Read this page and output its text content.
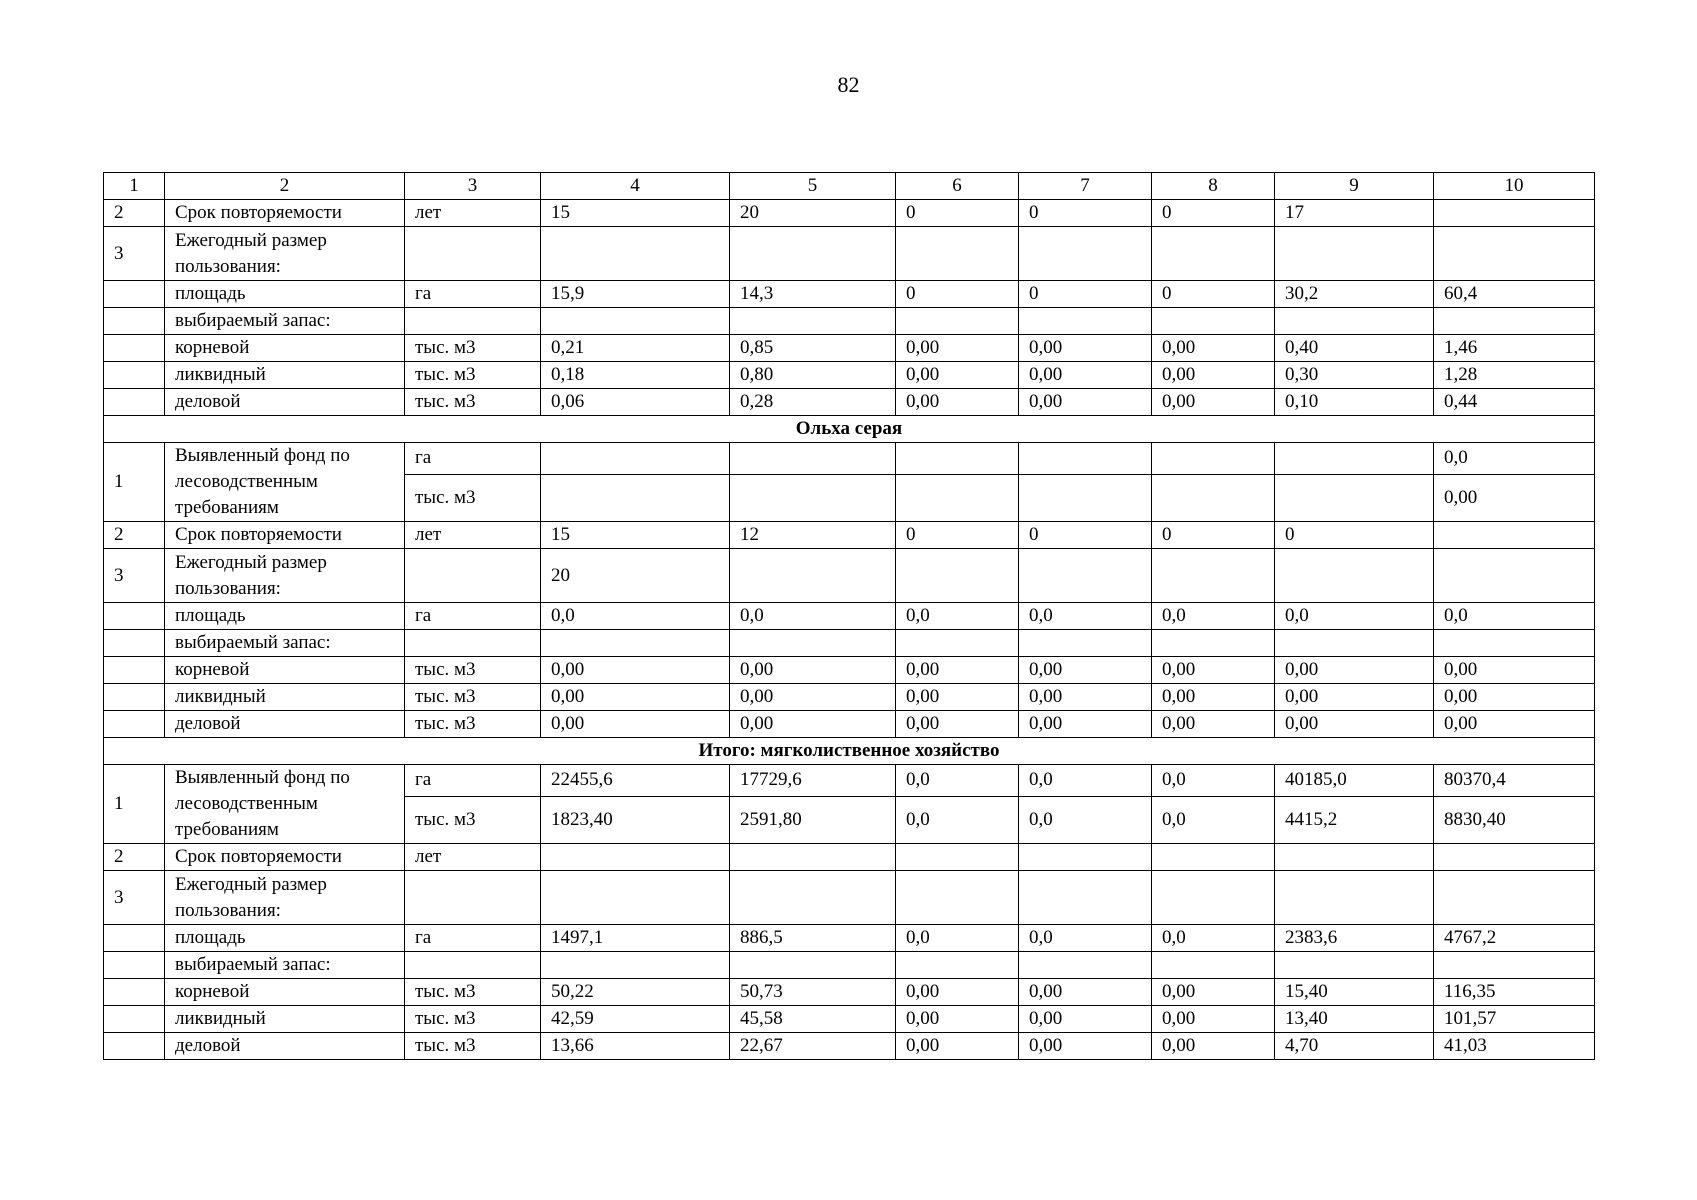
82
1	2	3	4	5	6	7	8	9	10
2	Срок повторяемости	лет	15	20	0	0	0	17	
3	Ежегодный размер пользования:								
	площадь	га	15,9	14,3	0	0	0	30,2	60,4
	выбираемый запас:								
	корневой	тыс. м3	0,21	0,85	0,00	0,00	0,00	0,40	1,46
	ликвидный	тыс. м3	0,18	0,80	0,00	0,00	0,00	0,30	1,28
	деловой	тыс. м3	0,06	0,28	0,00	0,00	0,00	0,10	0,44
Ольха серая									
1	Выявленный фонд по лесоводственным требованиям	га							0,0
		тыс. м3							0,00
2	Срок повторяемости	лет	15	12	0	0	0	0	
3	Ежегодный размер пользования:		20						
	площадь	га	0,0	0,0	0,0	0,0	0,0	0,0	0,0
	выбираемый запас:								
	корневой	тыс. м3	0,00	0,00	0,00	0,00	0,00	0,00	0,00
	ликвидный	тыс. м3	0,00	0,00	0,00	0,00	0,00	0,00	0,00
	деловой	тыс. м3	0,00	0,00	0,00	0,00	0,00	0,00	0,00
Итого: мягколиственное хозяйство									
1	Выявленный фонд по лесоводственным требованиям	га	22455,6	17729,6	0,0	0,0	0,0	40185,0	80370,4
		тыс. м3	1823,40	2591,80	0,0	0,0	0,0	4415,2	8830,40
2	Срок повторяемости	лет							
3	Ежегодный размер пользования:								
	площадь	га	1497,1	886,5	0,0	0,0	0,0	2383,6	4767,2
	выбираемый запас:								
	корневой	тыс. м3	50,22	50,73	0,00	0,00	0,00	15,40	116,35
	ликвидный	тыс. м3	42,59	45,58	0,00	0,00	0,00	13,40	101,57
	деловой	тыс. м3	13,66	22,67	0,00	0,00	0,00	4,70	41,03
